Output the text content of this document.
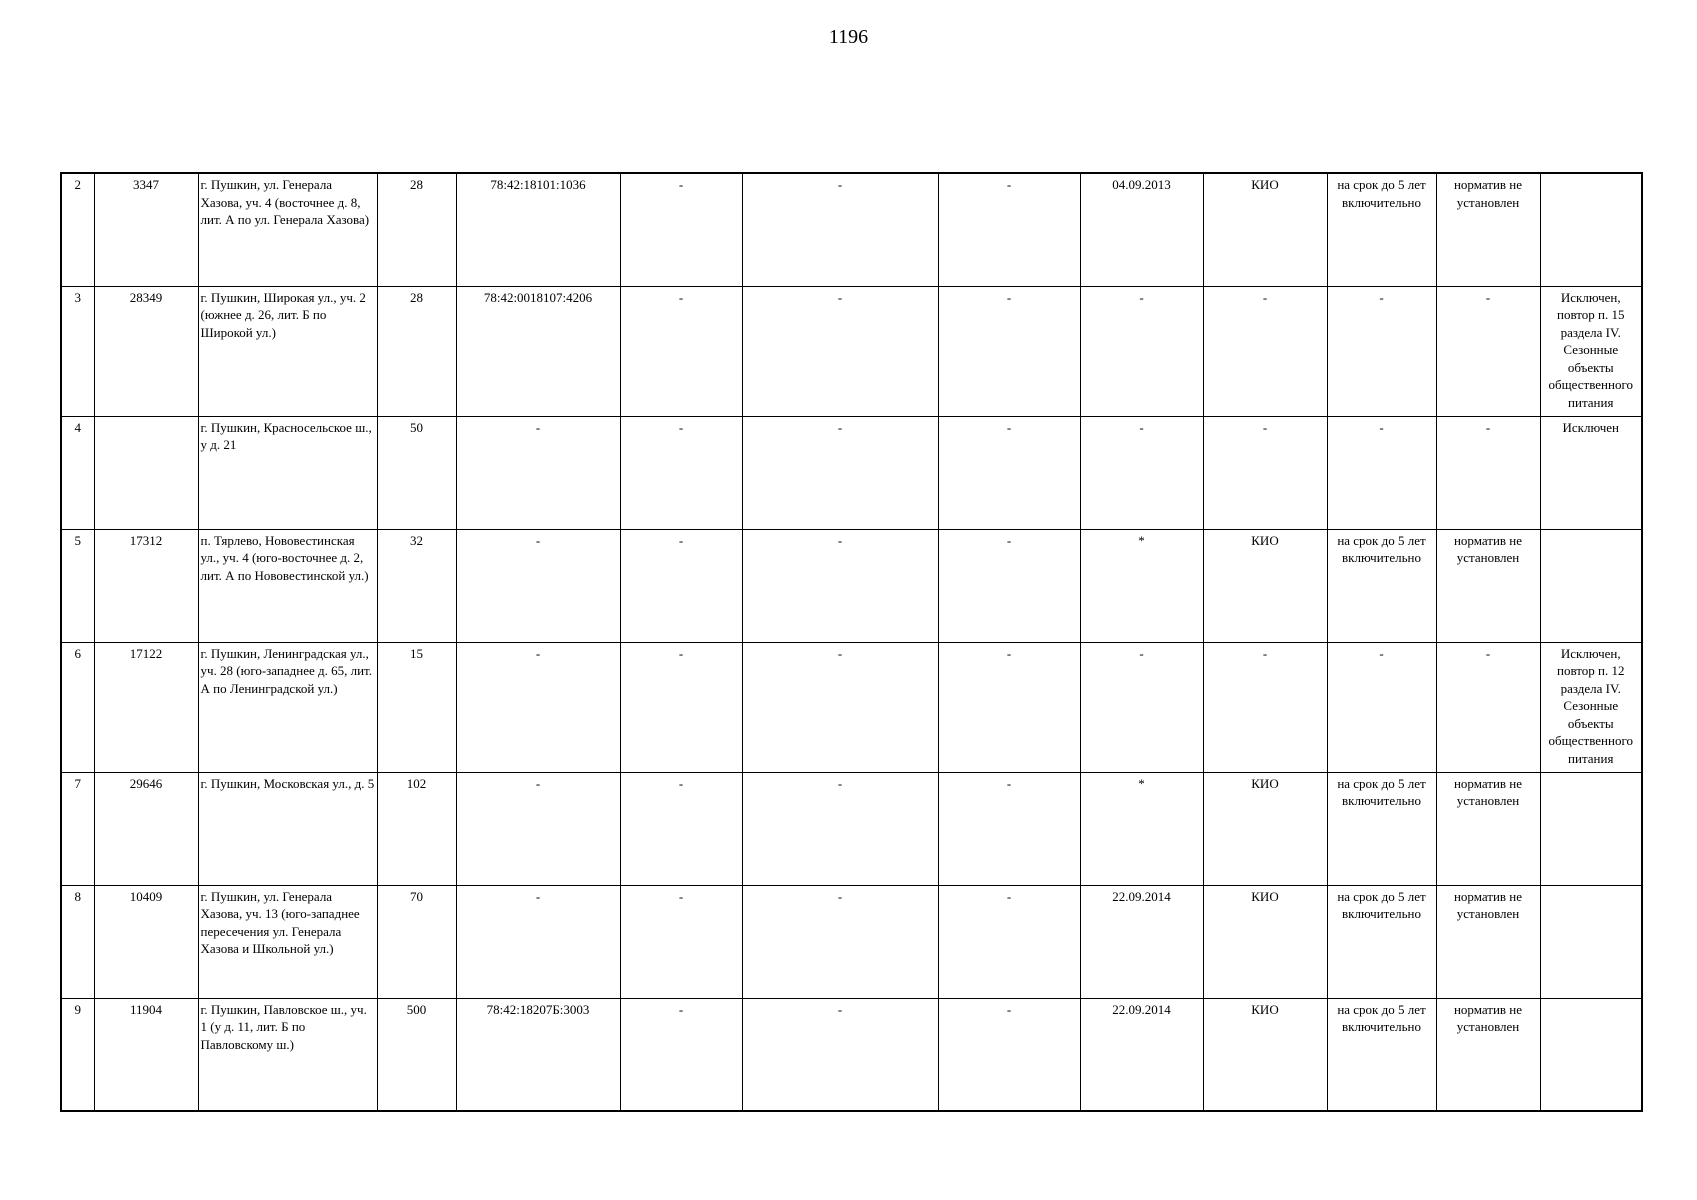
1196
2	3347	г. Пушкин, ул. Генерала Хазова, уч. 4 (восточнее д. 8, лит. А по ул. Генерала Хазова)	28	78:42:18101:1036	-	-	-	04.09.2013	КИО	на срок до 5 лет включительно	норматив не установлен	
3	28349	г. Пушкин, Широкая ул., уч. 2 (южнее д. 26, лит. Б по Широкой ул.)	28	78:42:0018107:4206	-	-	-	-	-	-	-	Исключен, повтор п. 15 раздела IV. Сезонные объекты общественного питания
4		г. Пушкин, Красносельское ш., у д. 21	50	-	-	-	-	-	-	-	-	Исключен
5	17312	п. Тярлево, Нововестинская ул., уч. 4 (юго-восточнее д. 2, лит. А по Нововестинской ул.)	32	-	-	-	-	*	КИО	на срок до 5 лет включительно	норматив не установлен	
6	17122	г. Пушкин, Ленинградская ул., уч. 28 (юго-западнее д. 65, лит. А по Ленинградской ул.)	15	-	-	-	-	-	-	-	-	Исключен, повтор п. 12 раздела IV. Сезонные объекты общественного питания
7	29646	г. Пушкин, Московская ул., д. 5	102	-	-	-	-	*	КИО	на срок до 5 лет включительно	норматив не установлен	
8	10409	г. Пушкин, ул. Генерала Хазова, уч. 13 (юго-западнее пересечения ул. Генерала Хазова и Школьной ул.)	70	-	-	-	-	22.09.2014	КИО	на срок до 5 лет включительно	норматив не установлен	
9	11904	г. Пушкин, Павловское ш., уч. 1 (у д. 11, лит. Б по Павловскому ш.)	500	78:42:18207Б:3003	-	-	-	22.09.2014	КИО	на срок до 5 лет включительно	норматив не установлен	
